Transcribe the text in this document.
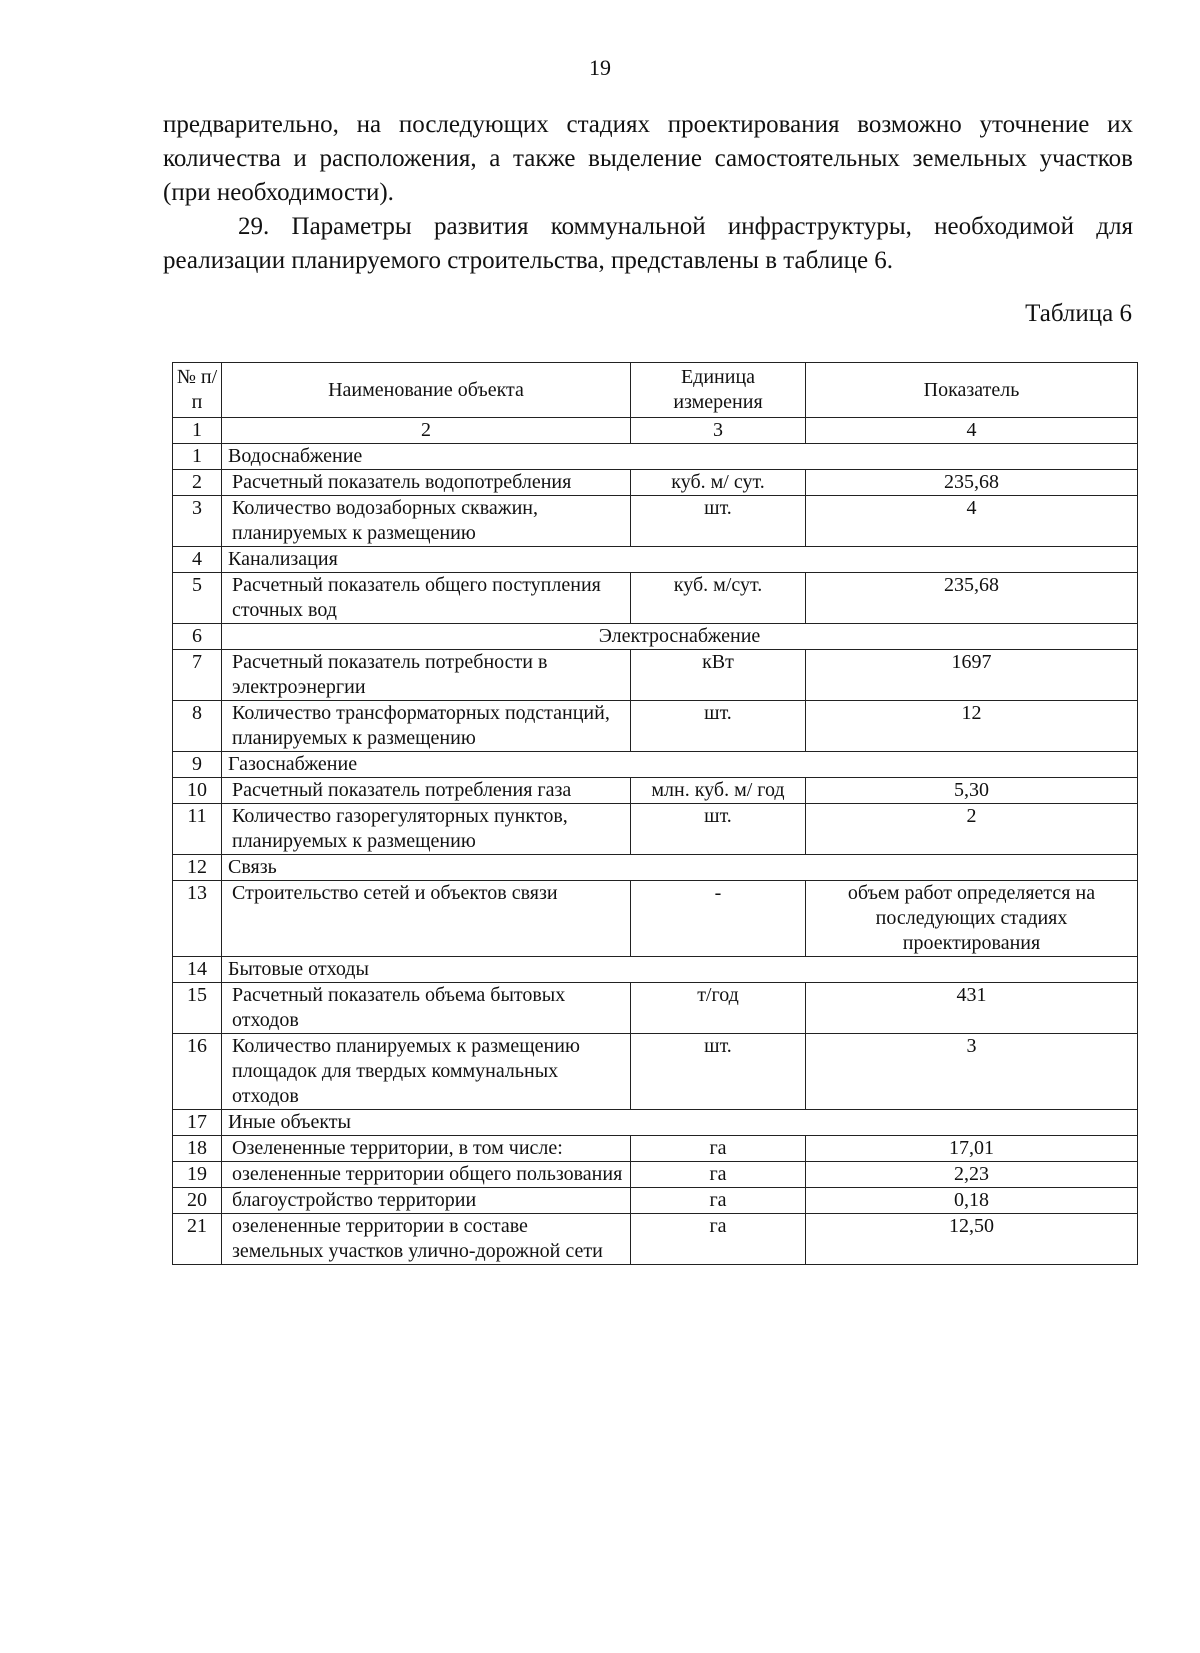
19

предварительно, на последующих стадиях проектирования возможно уточнение их количества и расположения, а также выделение самостоятельных земельных участков (при необходимости).

29. Параметры развития коммунальной инфраструктуры, необходимой для реализации планируемого строительства, представлены в таблице 6.

Таблица 6
№ п/п	Наименование объекта	Единица измерения	Показатель
1	2	3	4
1	Водоснабжение		
2	Расчетный показатель водопотребления	куб. м/ сут.	235,68
3	Количество водозаборных скважин, планируемых к размещению	шт.	4
4	Канализация		
5	Расчетный показатель общего поступления сточных вод	куб. м/сут.	235,68
6	Электроснабжение		
7	Расчетный показатель потребности в электроэнергии	кВт	1697
8	Количество трансформаторных подстанций, планируемых к размещению	шт.	12
9	Газоснабжение		
10	Расчетный показатель потребления газа	млн. куб. м/ год	5,30
11	Количество газорегуляторных пунктов, планируемых к размещению	шт.	2
12	Связь		
13	Строительство сетей и объектов связи	-	объем работ определяется на последующих стадиях проектирования
14	Бытовые отходы		
15	Расчетный показатель объема бытовых отходов	т/год	431
16	Количество планируемых к размещению площадок для твердых коммунальных отходов	шт.	3
17	Иные объекты		
18	Озелененные территории, в том числе:	га	17,01
19	озелененные территории общего пользования	га	2,23
20	благоустройство территории	га	0,18
21	озелененные территории в составе земельных участков улично-дорожной сети	га	12,50
